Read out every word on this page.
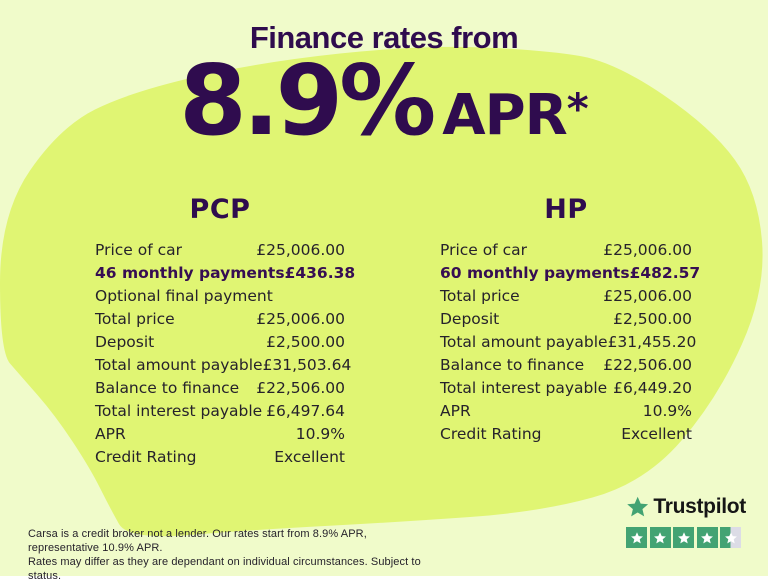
Finance rates from
8.9% APR *
PCP	HP
Price of car	£25,006.00
46 monthly payments £436.38
Optional final payment
Total price	£25,006.00
Deposit	£2,500.00
Total amount payable £31,503.64
Balance to finance £22,506.00
Total interest payable £6,497.64
APR	10.9%
Credit Rating	Excellent
Price of car	£25,006.00
60 monthly payments £482.57
Total price	£25,006.00
Deposit	£2,500.00
Total amount payable £31,455.20
Balance to finance £22,506.00
Total interest payable £6,449.20
APR	10.9%
Credit Rating	Excellent
Carsa is a credit broker not a lender. Our rates start from 8.9% APR, representative 10.9% APR.
Rates may differ as they are dependant on individual circumstances. Subject to status.
Trustpilot
